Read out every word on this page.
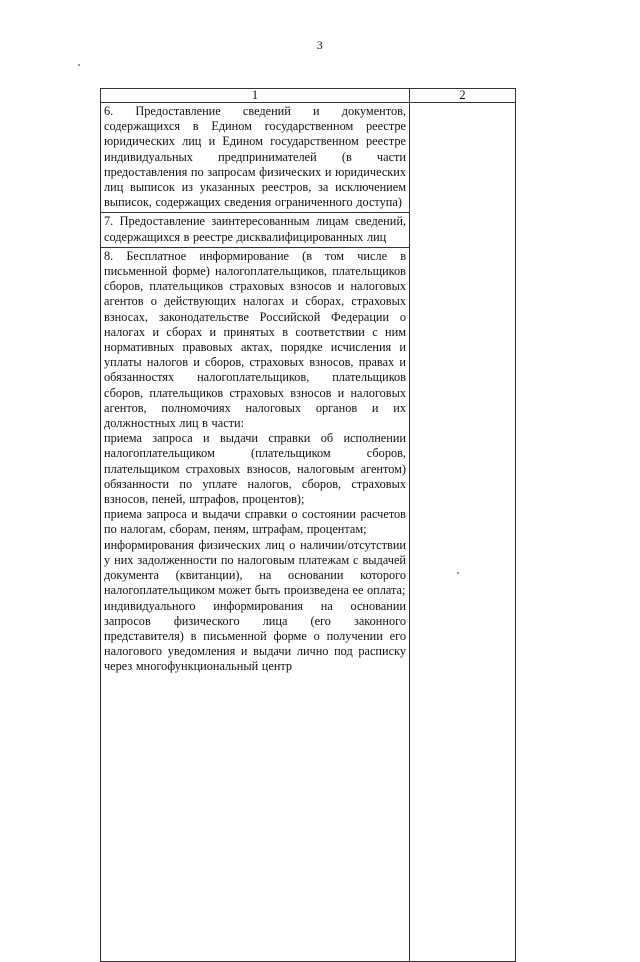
3
1	2

6. Предоставление сведений и документов, содержащихся в Едином государственном реестре юридических лиц и Едином государственном реестре индивидуальных предпринимателей (в части предоставления по запросам физических и юридических лиц выписок из указанных реестров, за исключением выписок, содержащих сведения ограниченного доступа)	

7. Предоставление заинтересованным лицам сведений, содержащихся в реестре дисквалифицированных лиц	

8. Бесплатное информирование (в том числе в письменной форме) налогоплательщиков, плательщиков сборов, плательщиков страховых взносов и налоговых агентов о действующих налогах и сборах, страховых взносах, законодательстве Российской Федерации о налогах и сборах и принятых в соответствии с ним нормативных правовых актах, порядке исчисления и уплаты налогов и сборов, страховых взносов, правах и обязанностях налогоплательщиков, плательщиков сборов, плательщиков страховых взносов и налоговых агентов, полномочиях налоговых органов и их должностных лиц в части:
приема запроса и выдачи справки об исполнении налогоплательщиком (плательщиком сборов, плательщиком страховых взносов, налоговым агентом) обязанности по уплате налогов, сборов, страховых взносов, пеней, штрафов, процентов);
приема запроса и выдачи справки о состоянии расчетов по налогам, сборам, пеням, штрафам, процентам;
информирования физических лиц о наличии/отсутствии у них задолженности по налоговым платежам с выдачей документа (квитанции), на основании которого налогоплательщиком может быть произведена ее оплата;
индивидуального информирования на основании запросов физического лица (его законного представителя) в письменной форме о получении его налогового уведомления и выдачи лично под расписку через многофункциональный центр	
